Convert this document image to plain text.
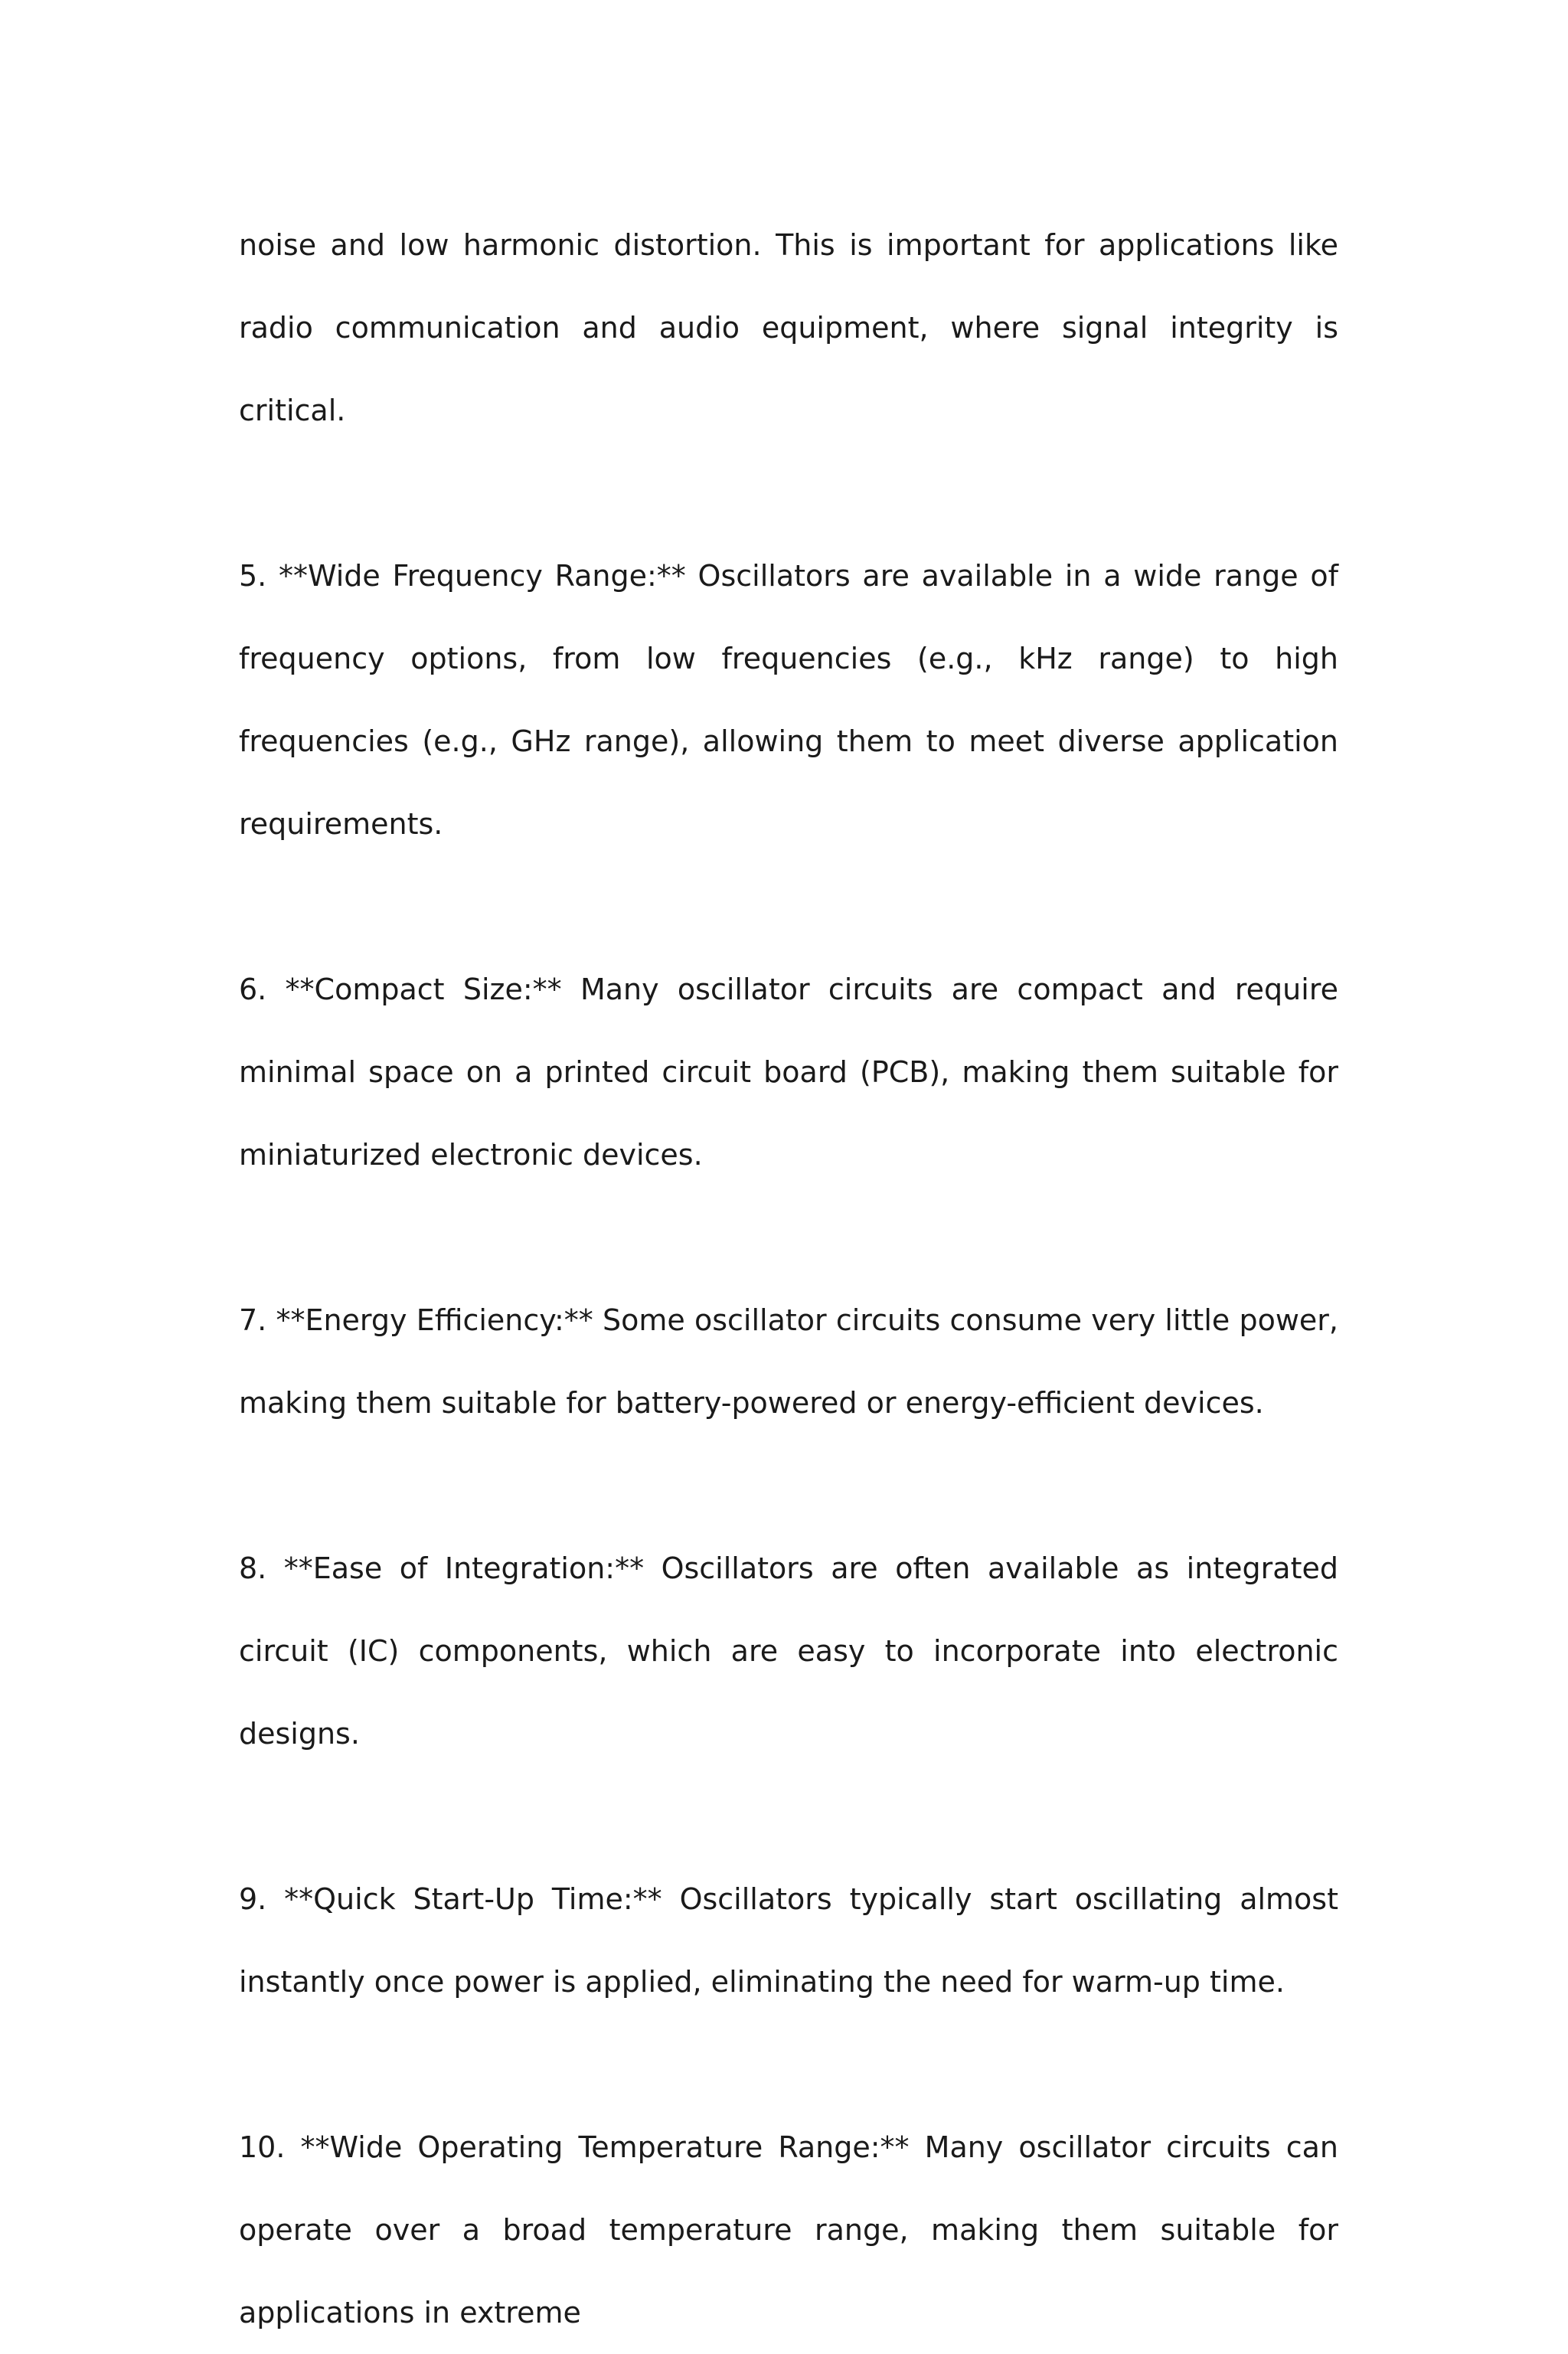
noise and low harmonic distortion. This is important for applications like radio communication and audio equipment, where signal integrity is critical.

5. **Wide Frequency Range:** Oscillators are available in a wide range of frequency options, from low frequencies (e.g., kHz range) to high frequencies (e.g., GHz range), allowing them to meet diverse application requirements.

6. **Compact Size:** Many oscillator circuits are compact and require minimal space on a printed circuit board (PCB), making them suitable for miniaturized electronic devices.

7. **Energy Efficiency:** Some oscillator circuits consume very little power, making them suitable for battery-powered or energy-efficient devices.

8. **Ease of Integration:** Oscillators are often available as integrated circuit (IC) components, which are easy to incorporate into electronic designs.

9. **Quick Start-Up Time:** Oscillators typically start oscillating almost instantly once power is applied, eliminating the need for warm-up time.

10. **Wide Operating Temperature Range:** Many oscillator circuits can operate over a broad temperature range, making them suitable for applications in extreme
